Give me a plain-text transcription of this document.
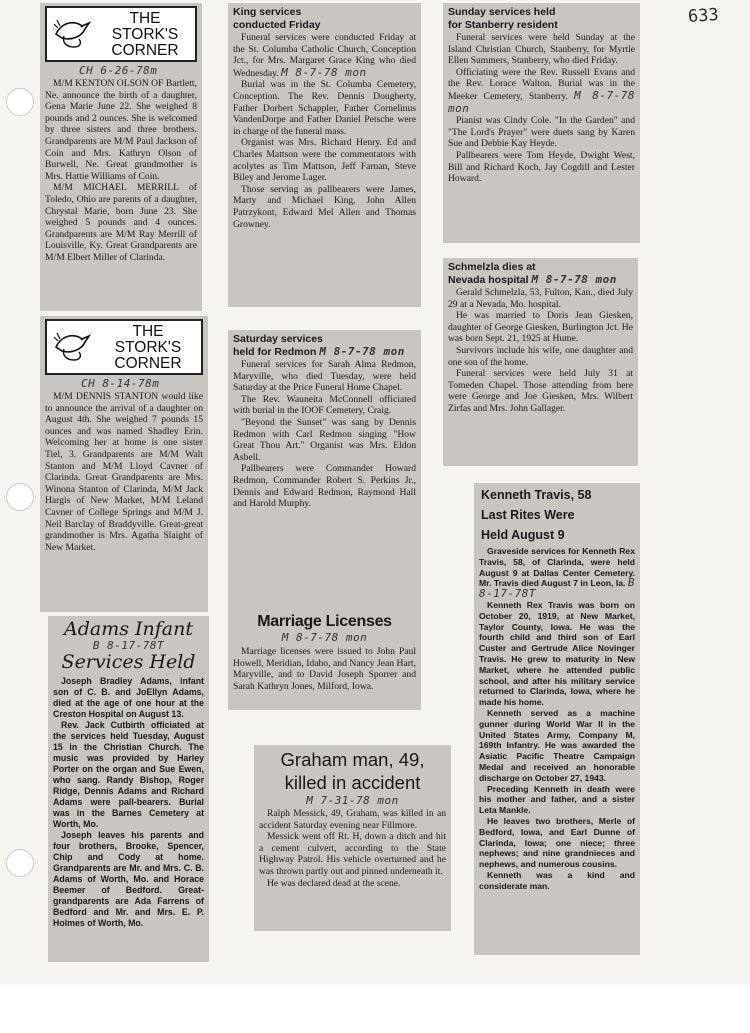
633
THE
STORK'S
CORNER
CH 6-26-78m

M/M KENTON OLSON OF Bartlett, Ne. announce the birth of a daughter, Gena Marie June 22. She weighed 8 pounds and 2 ounces. She is welcomed by three sisters and three brothers. Grandparents are M/M Paul Jackson of Coin and Mrs. Kathryn Olson of Burwell, Ne. Great grandmother is Mrs. Hattie Williams of Coin.

M/M MICHAEL MERRILL of Toledo, Ohio are parents of a daughter, Chrystal Marie, born June 23. She weighed 5 pounds and 4 ounces. Grandparents are M/M Ray Merrill of Louisville, Ky. Great Grandparents are M/M Elbert Miller of Clarinda.

THE
STORK'S
CORNER
CH 8-14-78m

M/M DENNIS STANTON would like to announce the arrival of a daughter on August 4th. She weighed 7 pounds 15 ounces and was named Shadley Erin. Welcoming her at home is one sister Tiel, 3. Grandparents are M/M Walt Stanton and M/M Lloyd Cavner of Clarinda. Great Grandparents are Mrs. Winona Stanton of Clarinda, M/M Jack Hargis of New Market, M/M Leland Cavner of College Springs and M/M J. Neil Barclay of Braddyville. Great-great grandmother is Mrs. Agatha Slaight of New Market.

Adams Infant
B 8-17-78T
Services Held

Joseph Bradley Adams, infant son of C. B. and JoEllyn Adams, died at the age of one hour at the Creston Hospital on August 13.

Rev. Jack Cutbirth officiated at the services held Tuesday, August 15 in the Christian Church. The music was provided by Harley Porter on the organ and Sue Ewen, who sang. Randy Bishop, Roger Ridge, Dennis Adams and Richard Adams were pall-bearers. Burial was in the Barnes Cemetery at Worth, Mo.

Joseph leaves his parents and four brothers, Brooke, Spencer, Chip and Cody at home. Grandparents are Mr. and Mrs. C. B. Adams of Worth, Mo. and Horace Beemer of Bedford. Great-grandparents are Ada Farrens of Bedford and Mr. and Mrs. E. P. Holmes of Worth, Mo.

King services
conducted Friday

Funeral services were conducted Friday at the St. Columba Catholic Church, Conception Jct., for Mrs. Margaret Grace King who died Wednesday. M 8-7-78 mon

Burial was in the St. Columba Cemetery, Conception. The Rev. Dennis Dougherty, Father Dorbert Schappler, Father Cornelinus VandenDorpe and Father Daniel Petsche were in charge of the funeral mass.

Organist was Mrs. Richard Henry. Ed and Charles Mattson were the commentators with acolytes as Tim Mattson, Jeff Farnan, Steve Biley and Jerome Lager.

Those serving as pallbearers were James, Marty and Michael King, John Allen Patrzykont, Edward Mel Allen and Thomas Growney.

Saturday services
held for Redmon M 8-7-78 mon

Funeral services for Sarah Alma Redmon, Maryville, who died Tuesday, were held Saturday at the Price Funeral Home Chapel.

The Rev. Wauneita McConnell officiated with burial in the IOOF Cemetery, Craig.

"Beyond the Sunset" was sang by Dennis Redmon with Carl Redmon singing "How Great Thou Art." Organist was Mrs. Eldon Asbell.

Pallbearers were Commander Howard Redmon, Commander Robert S. Perkins Jr., Dennis and Edward Redmon, Raymond Hall and Harold Murphy.

Marriage Licenses
M 8-7-78 mon

Marriage licenses were issued to John Paul Howell, Meridian, Idaho, and Nancy Jean Hart, Maryville, and to David Joseph Sporrer and Sarah Kathryn Jones, Milford, Iowa.

Graham man, 49,
killed in accident
M 7-31-78 mon

Ralph Messick, 49, Graham, was killed in an accident Saturday evening near Fillmore.

Messick went off Rt. H, down a ditch and hit a cement culvert, according to the State Highway Patrol. His vehicle overturned and he was thrown partly out and pinned underneath it.

He was declared dead at the scene.

Sunday services held
for Stanberry resident

Funeral services were held Sunday at the Island Christian Church, Stanberry, for Myrtle Ellen Summers, Stanberry, who died Friday.

Officiating were the Rev. Russell Evans and the Rev. Lorace Walton. Burial was in the Meeker Cemetery, Stanberry. M 8-7-78 mon

Pianist was Cindy Cole. "In the Garden" and "The Lord's Prayer" were duets sang by Karen Sue and Debbie Kay Heyde.

Pallbearers were Tom Heyde, Dwight West, Bill and Richard Koch, Jay Cogdill and Lester Howard.

Schmelzla dies at
Nevada hospital M 8-7-78 mon

Gerald Schmelzla, 53, Fulton, Kan., died July 29 at a Nevada, Mo. hospital.

He was married to Doris Jean Giesken, daughter of George Giesken, Burlington Jct. He was born Sept. 21, 1925 at Hume.

Survivors include his wife, one daughter and one son of the home.

Funeral services were held July 31 at Tomeden Chapel. Those attending from here were George and Joe Giesken, Mrs. Wilbert Zirfas and Mrs. John Gallager.

Kenneth Travis, 58
Last Rites Were
Held August 9

Graveside services for Kenneth Rex Travis, 58, of Clarinda, were held August 9 at Dallas Center Cemetery. Mr. Travis died August 7 in Leon, Ia. B 8-17-78T

Kenneth Rex Travis was born on October 20, 1919, at New Market, Taylor County, Iowa. He was the fourth child and third son of Earl Custer and Gertrude Alice Novinger Travis. He grew to maturity in New Market, where he attended public school, and after his military service returned to Clarinda, Iowa, where he made his home.

Kenneth served as a machine gunner during World War II in the United States Army, Company M, 169th Infantry. He was awarded the Asiatic Pacific Theatre Campaign Medal and received an honorable discharge on October 27, 1943.

Preceding Kenneth in death were his mother and father, and a sister Leta Mankle.

He leaves two brothers, Merle of Bedford, Iowa, and Earl Dunne of Clarinda, Iowa; one niece; three nephews; and nine grandnieces and nephews, and numerous cousins.

Kenneth was a kind and considerate man.
